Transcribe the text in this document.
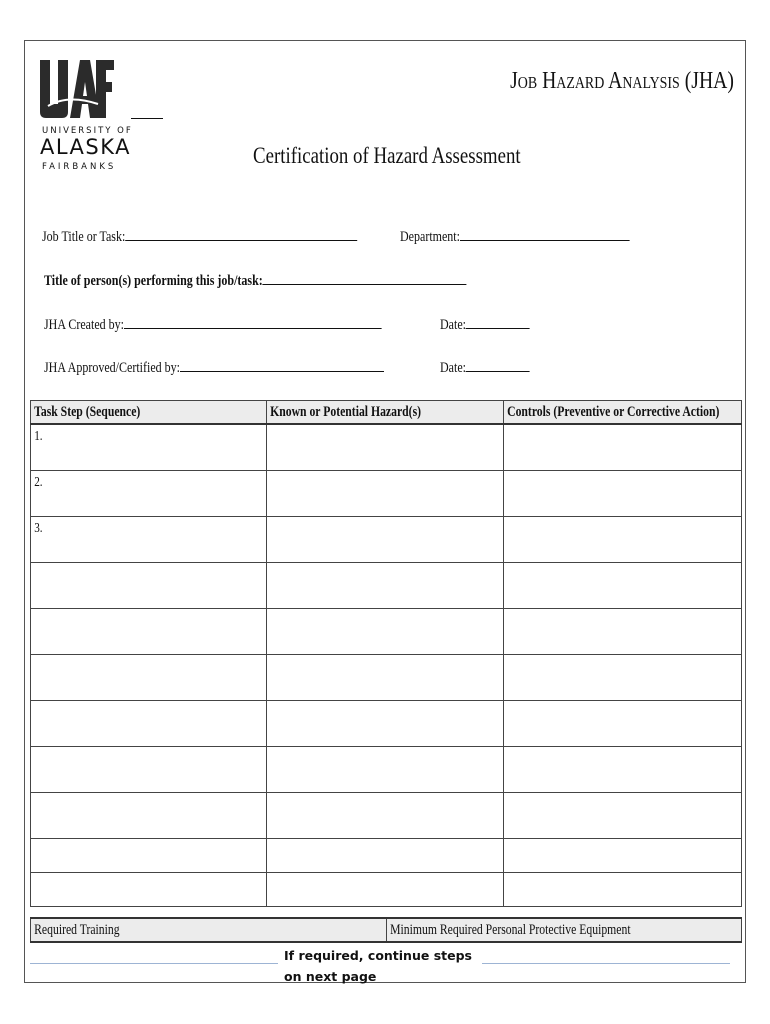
UNIVERSITY OF
ALASKA
FAIRBANKS
Job Hazard Analysis (JHA)
Certification of Hazard Assessment
Job Title or Task:	Department:
Title of person(s) performing this job/task:
JHA Created by:	Date:
JHA Approved/Certified by:	Date:
Task Step (Sequence)	Known or Potential Hazard(s)	Controls (Preventive or Corrective Action)
1.		
2.		
3.		

Required Training	Minimum Required Personal Protective Equipment
If required, continue steps on next page
